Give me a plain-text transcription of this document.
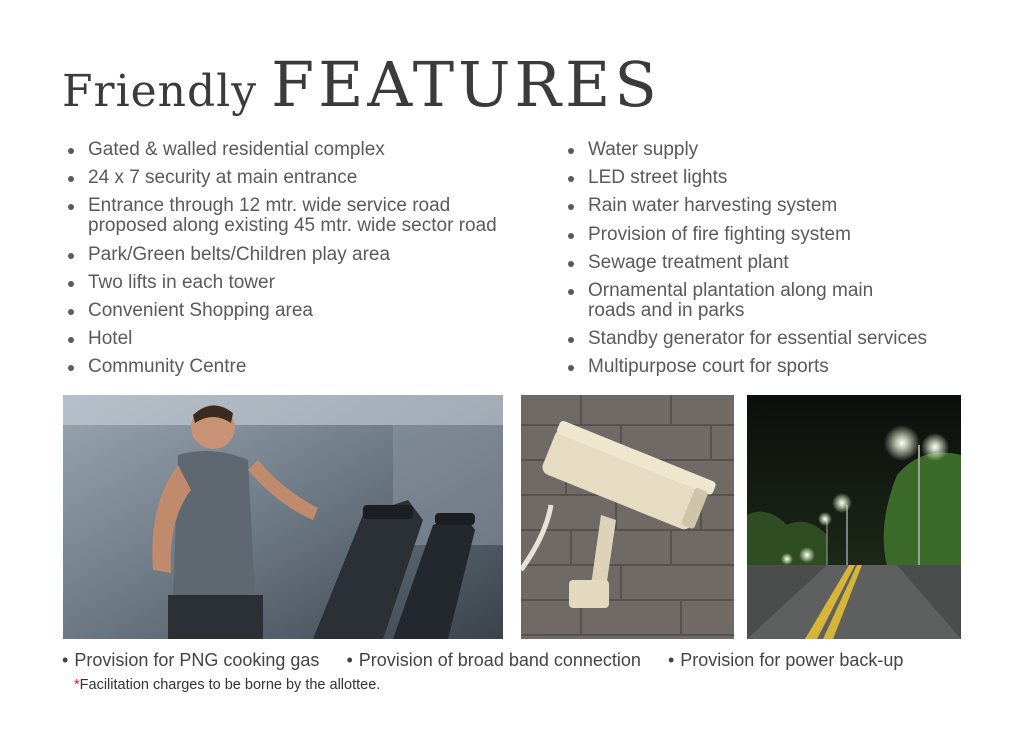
Friendly FEATURES
Gated & walled residential complex
24 x 7 security at main entrance
Entrance through 12 mtr. wide service road proposed along existing 45 mtr. wide sector road
Park/Green belts/Children play area
Two lifts in each tower
Convenient Shopping area
Hotel
Community Centre
Water supply
LED street lights
Rain water harvesting system
Provision of fire fighting system
Sewage treatment plant
Ornamental plantation along main roads and in parks
Standby generator for essential services
Multipurpose court for sports
• Provision for PNG cooking gas • Provision of broad band connection • Provision for power back-up
*Facilitation charges to be borne by the allottee.
